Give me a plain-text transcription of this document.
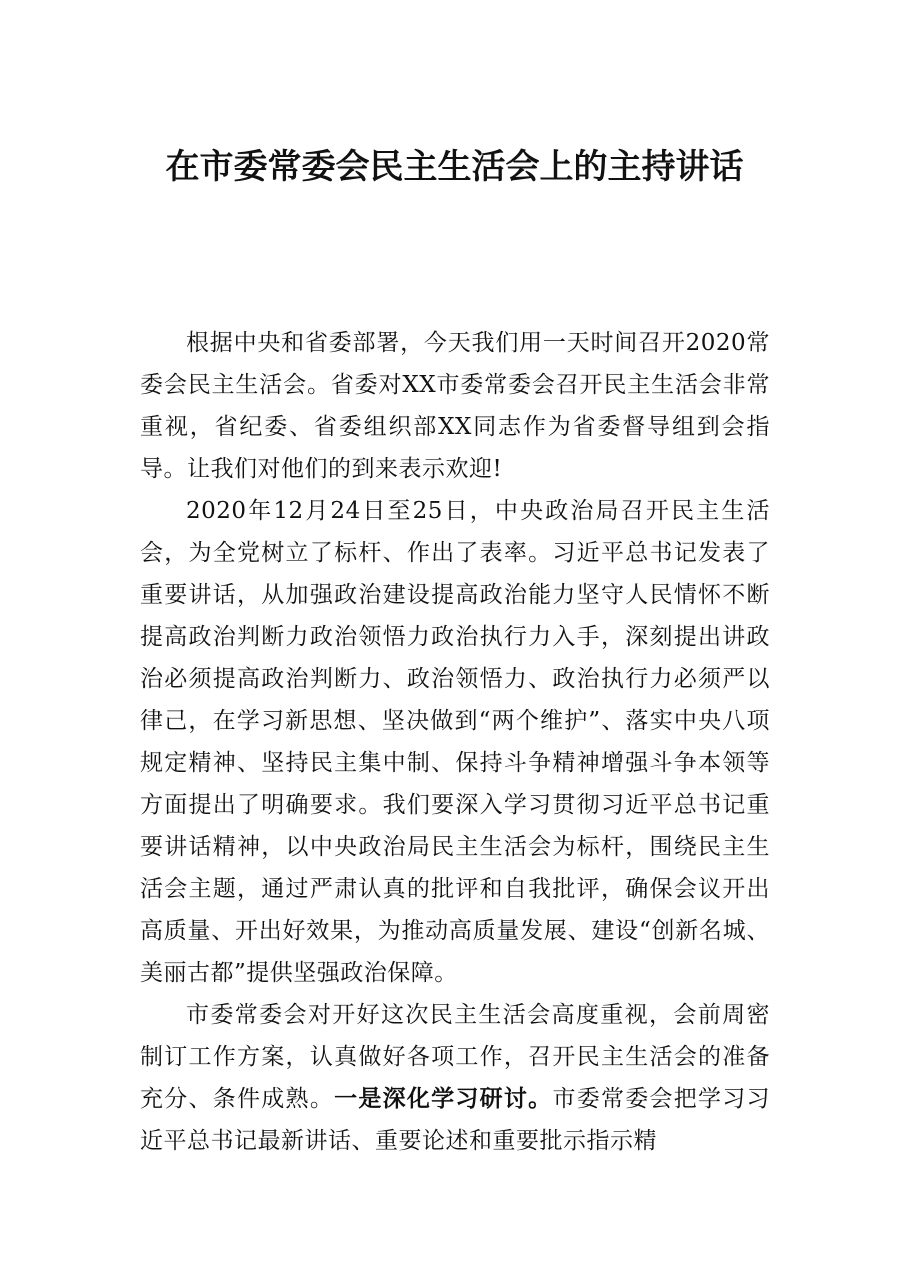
在市委常委会民主生活会上的主持讲话

根据中央和省委部署，今天我们用一天时间召开2020常委会民主生活会。省委对XX市委常委会召开民主生活会非常重视，省纪委、省委组织部XX同志作为省委督导组到会指导。让我们对他们的到来表示欢迎!

2020年12月24日至25日，中央政治局召开民主生活会，为全党树立了标杆、作出了表率。习近平总书记发表了重要讲话，从加强政治建设提高政治能力坚守人民情怀不断提高政治判断力政治领悟力政治执行力入手，深刻提出讲政治必须提高政治判断力、政治领悟力、政治执行力必须严以律己，在学习新思想、坚决做到“两个维护”、落实中央八项规定精神、坚持民主集中制、保持斗争精神增强斗争本领等方面提出了明确要求。我们要深入学习贯彻习近平总书记重要讲话精神，以中央政治局民主生活会为标杆，围绕民主生活会主题，通过严肃认真的批评和自我批评，确保会议开出高质量、开出好效果，为推动高质量发展、建设“创新名城、美丽古都”提供坚强政治保障。

市委常委会对开好这次民主生活会高度重视，会前周密制订工作方案，认真做好各项工作，召开民主生活会的准备充分、条件成熟。一是深化学习研讨。市委常委会把学习习近平总书记最新讲话、重要论述和重要批示指示精
